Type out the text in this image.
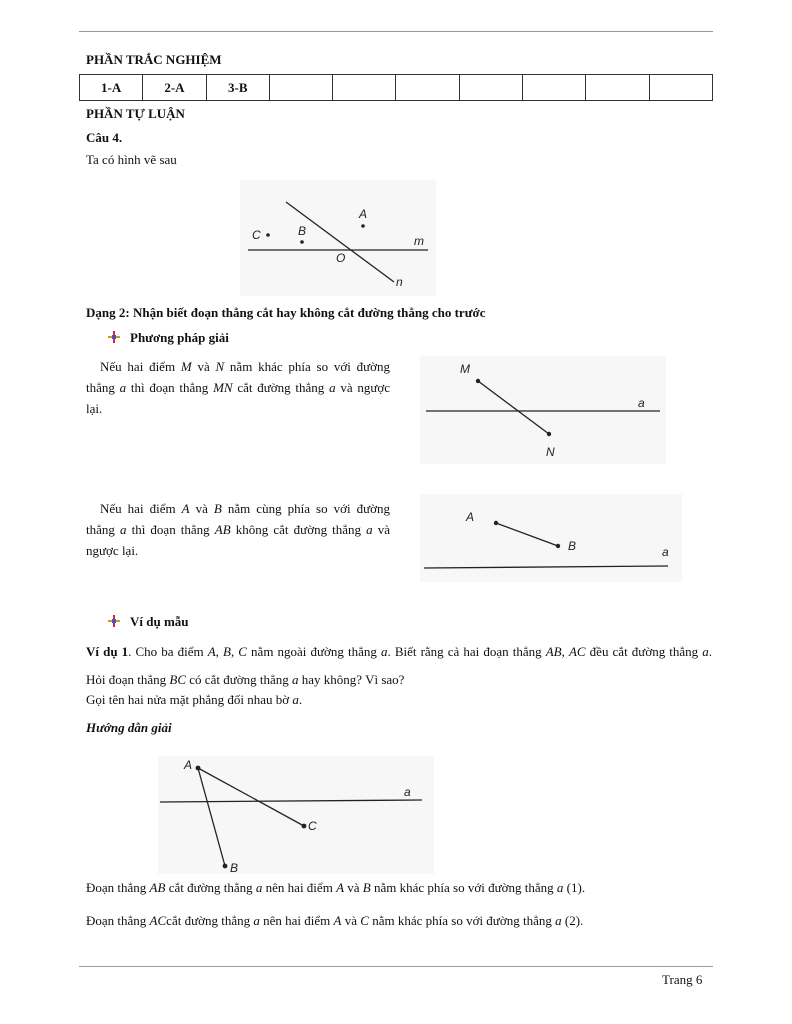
PHẦN TRẮC NGHIỆM
1-A	2-A	3-B							
PHẦN TỰ LUẬN
Câu 4.
Ta có hình vẽ sau
C	B
A
O
m
n
Dạng 2: Nhận biết đoạn thẳng cắt hay không cắt đường thẳng cho trước
Phương pháp giải
Nếu hai điểm M và N nằm khác phía so với đường thẳng a thì đoạn thẳng MN cắt đường thẳng a và ngược lại.
M
N
a
Nếu hai điểm A và B nằm cùng phía so với đường thẳng a thì đoạn thẳng AB không cắt đường thẳng a và ngược lại.
A
B	a
Ví dụ mẫu
Ví dụ 1. Cho ba điểm A, B, C nằm ngoài đường thẳng a. Biết rằng cả hai đoạn thẳng AB, AC đều cắt đường thẳng a. Hỏi đoạn thẳng BC có cắt đường thẳng a hay không? Vì sao?
Gọi tên hai nửa mặt phẳng đối nhau bờ a.
Hướng dẫn giải
A
B
C
a
Đoạn thẳng AB cắt đường thẳng a nên hai điểm A và B nằm khác phía so với đường thẳng a (1).
Đoạn thẳng ACcắt đường thẳng a nên hai điểm A và C nằm khác phía so với đường thẳng a (2).
Trang 6
